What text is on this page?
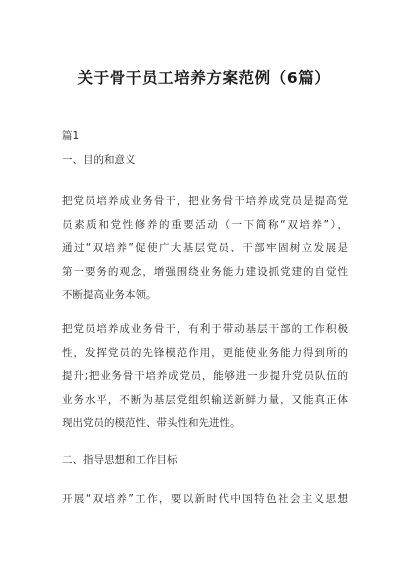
关于骨干员工培养方案范例（6篇）

篇1

一、目的和意义

把党员培养成业务骨干，把业务骨干培养成党员是提高党
员素质和党性修养的重要活动（一下简称“双培养”），
通过“双培养”促使广大基层党员、干部牢固树立发展是
第一要务的观念，增强围绕业务能力建设抓党建的自觉性
不断提高业务本领。
把党员培养成业务骨干，有利于带动基层干部的工作积极
性，发挥党员的先锋模范作用，更能使业务能力得到所的
提升;把业务骨干培养成党员，能够进一步提升党员队伍的
业务水平，不断为基层党组织输送新鲜力量，又能真正体
现出党员的模范性、带头性和先进性。

二、指导思想和工作目标

开展“双培养”工作，要以新时代中国特色社会主义思想
